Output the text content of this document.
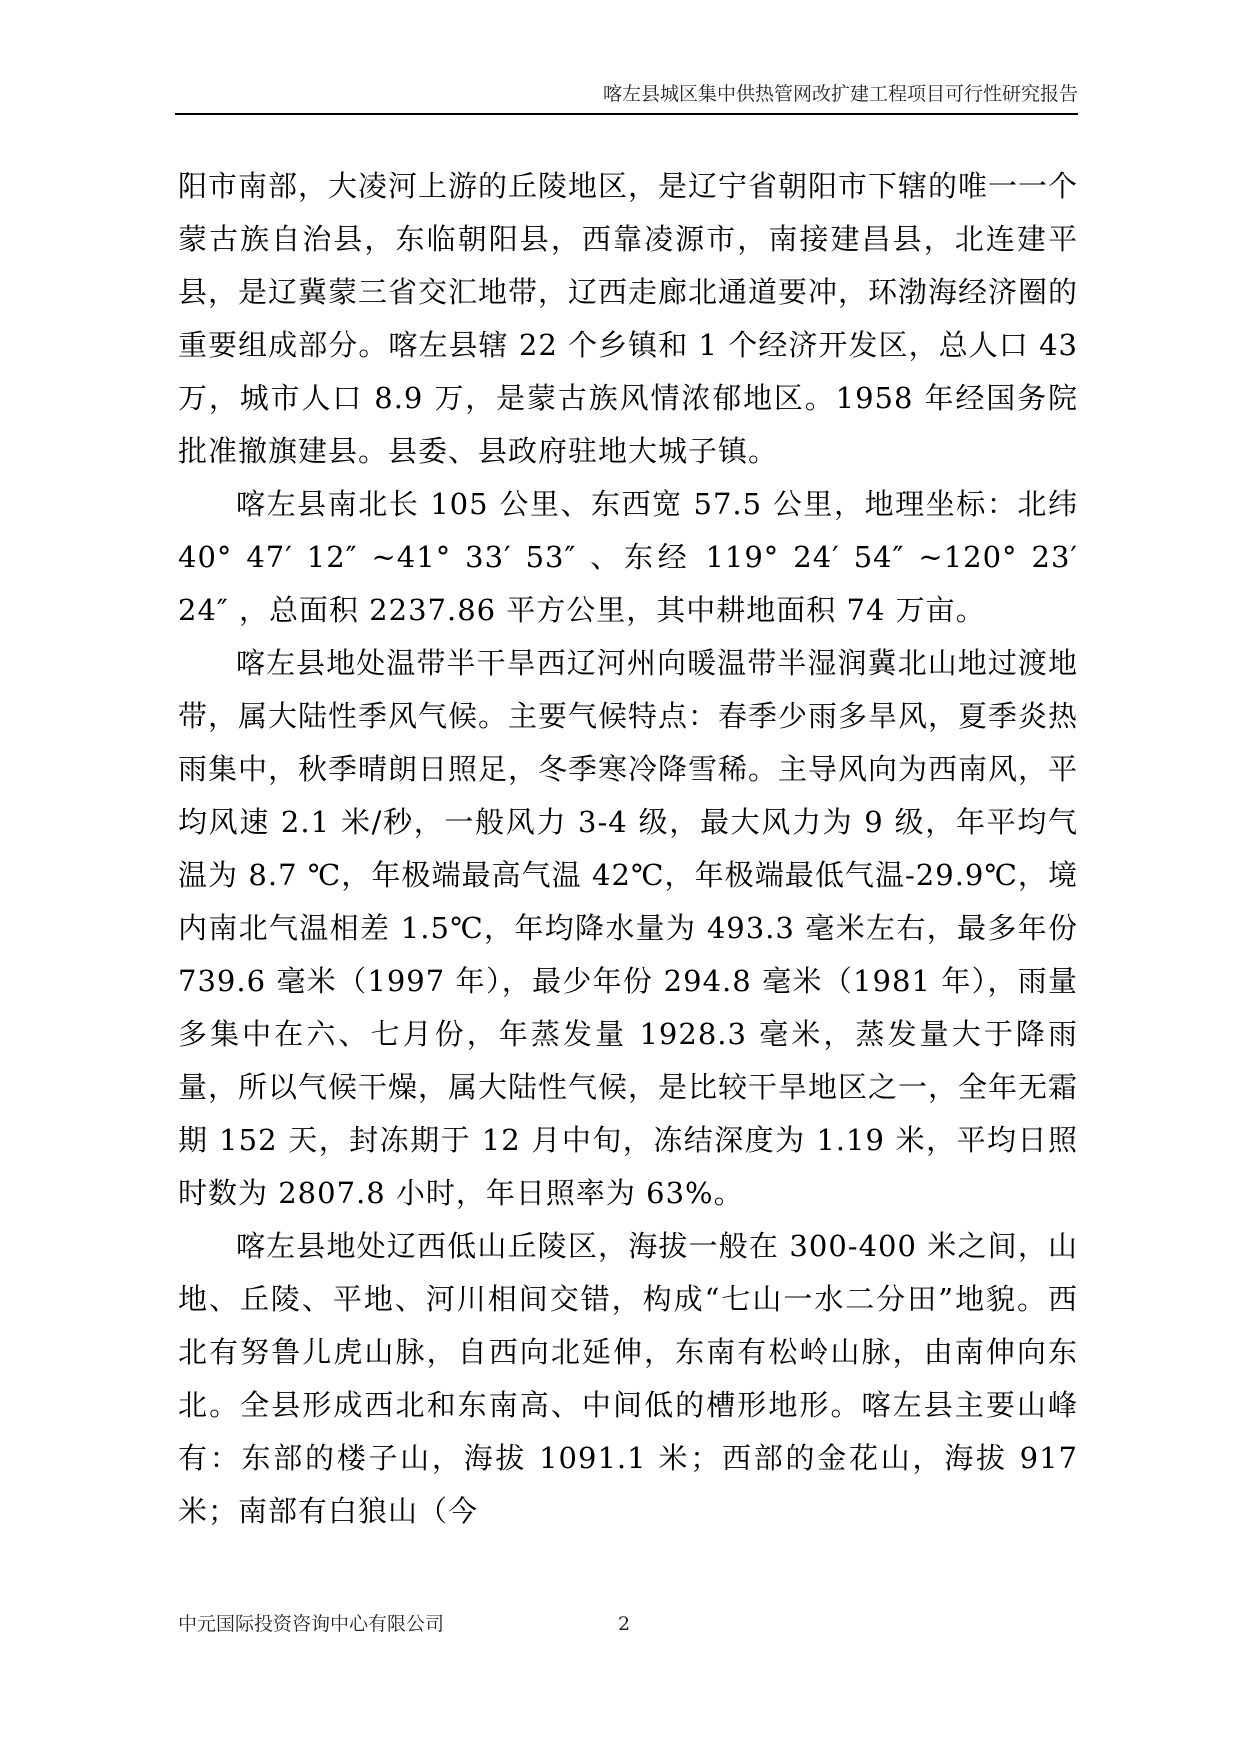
喀左县城区集中供热管网改扩建工程项目可行性研究报告

阳市南部，大凌河上游的丘陵地区，是辽宁省朝阳市下辖的唯一一个蒙古族自治县，东临朝阳县，西靠凌源市，南接建昌县，北连建平县，是辽冀蒙三省交汇地带，辽西走廊北通道要冲，环渤海经济圈的重要组成部分。喀左县辖 22 个乡镇和 1 个经济开发区，总人口 43 万，城市人口 8.9 万，是蒙古族风情浓郁地区。1958 年经国务院批准撤旗建县。县委、县政府驻地大城子镇。

喀左县南北长 105 公里、东西宽 57.5 公里，地理坐标：北纬 40° 47′ 12″ ~41° 33′ 53″ 、东经 119° 24′ 54″ ~120° 23′ 24″ ，总面积 2237.86 平方公里，其中耕地面积 74 万亩。

喀左县地处温带半干旱西辽河州向暖温带半湿润冀北山地过渡地带，属大陆性季风气候。主要气候特点：春季少雨多旱风，夏季炎热雨集中，秋季晴朗日照足，冬季寒冷降雪稀。主导风向为西南风，平均风速 2.1 米/秒，一般风力 3-4 级，最大风力为 9 级，年平均气温为 8.7 ℃，年极端最高气温 42℃，年极端最低气温-29.9℃，境内南北气温相差 1.5℃，年均降水量为 493.3 毫米左右，最多年份 739.6 毫米（1997 年），最少年份 294.8 毫米（1981 年），雨量多集中在六、七月份，年蒸发量 1928.3 毫米，蒸发量大于降雨量，所以气候干燥，属大陆性气候，是比较干旱地区之一，全年无霜期 152 天，封冻期于 12 月中旬，冻结深度为 1.19 米，平均日照时数为 2807.8 小时，年日照率为 63%。

喀左县地处辽西低山丘陵区，海拔一般在 300-400 米之间，山地、丘陵、平地、河川相间交错，构成“七山一水二分田”地貌。西北有努鲁儿虎山脉，自西向北延伸，东南有松岭山脉，由南伸向东北。全县形成西北和东南高、中间低的槽形地形。喀左县主要山峰有：东部的楼子山，海拔 1091.1 米；西部的金花山，海拔 917 米；南部有白狼山（今

中元国际投资咨询中心有限公司	2
